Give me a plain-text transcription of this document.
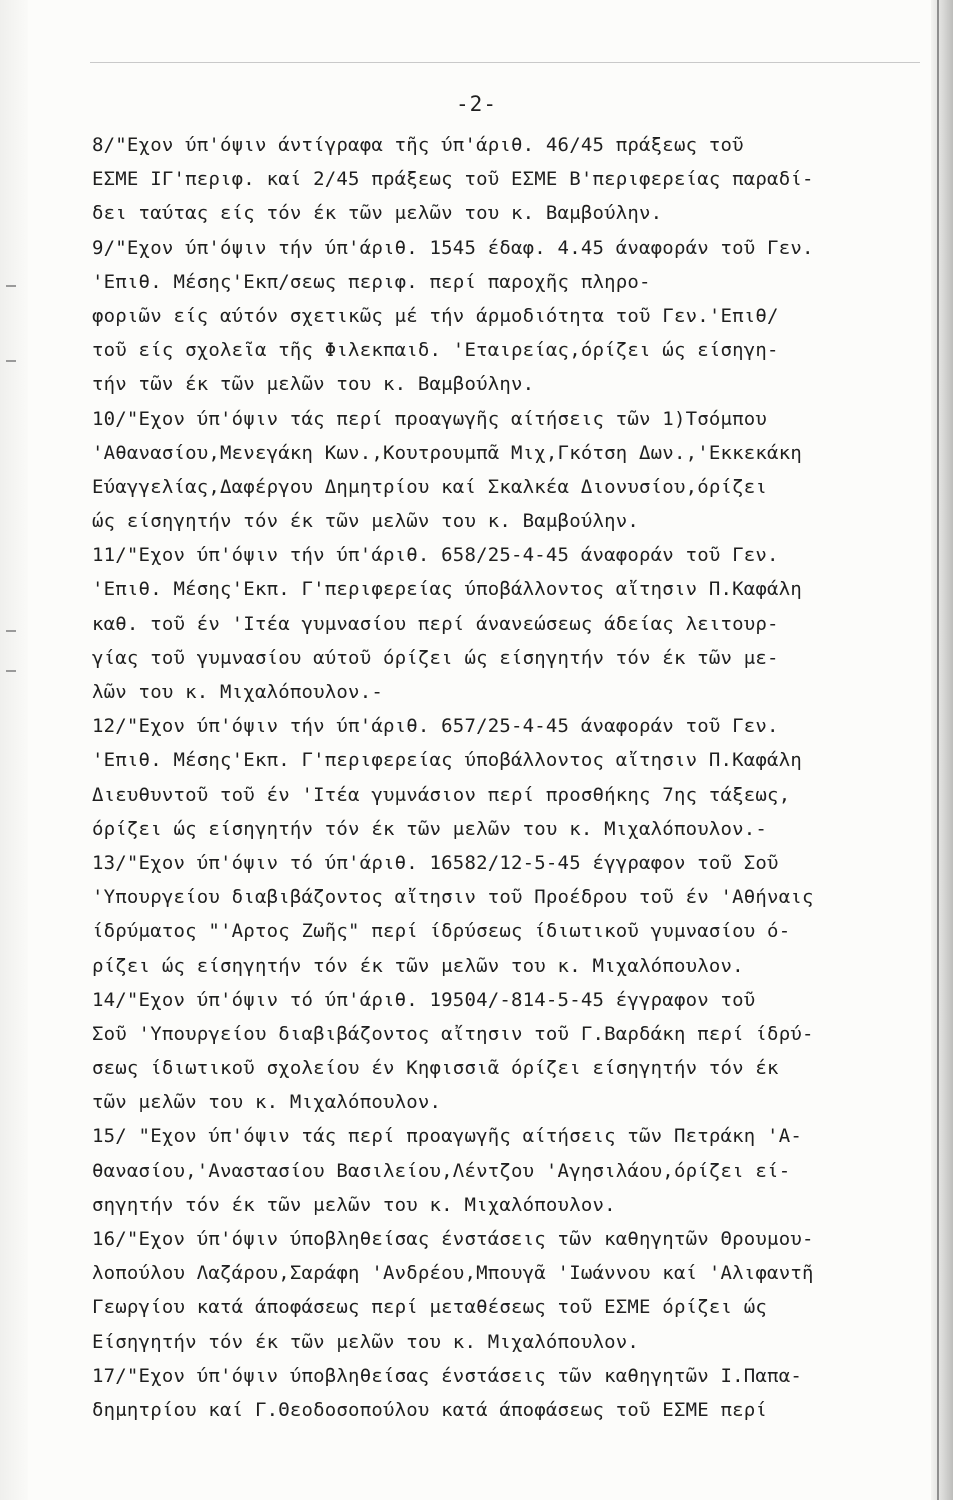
-2-
8/"Εχον ύπ'όψιν άντίγραφα τῆς ύπ'άριθ. 46/45 πράξεως τοῦ
ΕΣΜΕ ΙΓ'περιφ. καί 2/45 πράξεως τοῦ ΕΣΜΕ Β'περιφερείας παραδί-
δει ταύτας είς τόν έκ τῶν μελῶν του κ. Βαμβούλην.
9/"Εχον ύπ'όψιν τήν ύπ'άριθ. 1545 έδαφ. 4.45 άναφοράν τοῦ Γεν.
'Επιθ. Μέσης'Εκπ/σεως περιφ. περί παροχῆς πληρο-
φοριῶν είς αύτόν σχετικῶς μέ τήν άρμοδιότητα τοῦ Γεν.'Επιθ/
τοῦ είς σχολεῖα τῆς Φιλεκπαιδ. 'Εταιρείας,όρίζει ώς είσηγη-
τήν τῶν έκ τῶν μελῶν του κ. Βαμβούλην.
10/"Εχον ύπ'όψιν τάς περί προαγωγῆς αίτήσεις τῶν 1)Τσόμπου
'Αθανασίου,Μενεγάκη Κων.,Κουτρουμπᾶ Μιχ,Γκότση Δων.,'Εκκεκάκη
Εύαγγελίας,Δαφέργου Δημητρίου καί Σκαλκέα Διονυσίου,όρίζει
ώς είσηγητήν τόν έκ τῶν μελῶν του κ. Βαμβούλην.
11/"Εχον ύπ'όψιν τήν ύπ'άριθ. 658/25-4-45 άναφοράν τοῦ Γεν.
'Επιθ. Μέσης'Εκπ. Γ'περιφερείας ύποβάλλοντος αἴτησιν Π.Καφάλη
καθ. τοῦ έν 'Ιτέα γυμνασίου περί άνανεώσεως άδείας λειτουρ-
γίας τοῦ γυμνασίου αύτοῦ όρίζει ώς είσηγητήν τόν έκ τῶν με-
λῶν του κ. Μιχαλόπουλον.-
12/"Εχον ύπ'όψιν τήν ύπ'άριθ. 657/25-4-45 άναφοράν τοῦ Γεν.
'Επιθ. Μέσης'Εκπ. Γ'περιφερείας ύποβάλλοντος αἴτησιν Π.Καφάλη
Διευθυντοῦ τοῦ έν 'Ιτέα γυμνάσιον περί προσθήκης 7ης τάξεως,
όρίζει ώς είσηγητήν τόν έκ τῶν μελῶν του κ. Μιχαλόπουλον.-
13/"Εχον ύπ'όψιν τό ύπ'άριθ. 16582/12-5-45 έγγραφον τοῦ Σοῦ
'Υπουργείου διαβιβάζοντος αἴτησιν τοῦ Προέδρου τοῦ έν 'Αθήναις
ίδρύματος "'Αρτος Ζωῆς" περί ίδρύσεως ίδιωτικοῦ γυμνασίου ό-
ρίζει ώς είσηγητήν τόν έκ τῶν μελῶν του κ. Μιχαλόπουλον.
14/"Εχον ύπ'όψιν τό ύπ'άριθ. 19504/-814-5-45 έγγραφον τοῦ
Σοῦ 'Υπουργείου διαβιβάζοντος αἴτησιν τοῦ Γ.Βαρδάκη περί ίδρύ-
σεως ίδιωτικοῦ σχολείου έν Κηφισσιᾶ όρίζει είσηγητήν τόν έκ
τῶν μελῶν του κ. Μιχαλόπουλον.
15/ "Εχον ύπ'όψιν τάς περί προαγωγῆς αίτήσεις τῶν Πετράκη 'Α-
θανασίου,'Αναστασίου Βασιλείου,Λέντζου 'Αγησιλάου,όρίζει εί-
σηγητήν τόν έκ τῶν μελῶν του κ. Μιχαλόπουλον.
16/"Εχον ύπ'όψιν ύποβληθείσας ένστάσεις τῶν καθηγητῶν Θρουμου-
λοπούλου Λαζάρου,Σαράφη 'Ανδρέου,Μπουγᾶ 'Ιωάννου καί 'Αλιφαντῆ
Γεωργίου κατά άποφάσεως περί μεταθέσεως τοῦ ΕΣΜΕ όρίζει ώς
Είσηγητήν τόν έκ τῶν μελῶν του κ. Μιχαλόπουλον.
17/"Εχον ύπ'όψιν ύποβληθείσας ένστάσεις τῶν καθηγητῶν Ι.Παπα-
δημητρίου καί Γ.Θεοδοσοπούλου κατά άποφάσεως τοῦ ΕΣΜΕ περί
